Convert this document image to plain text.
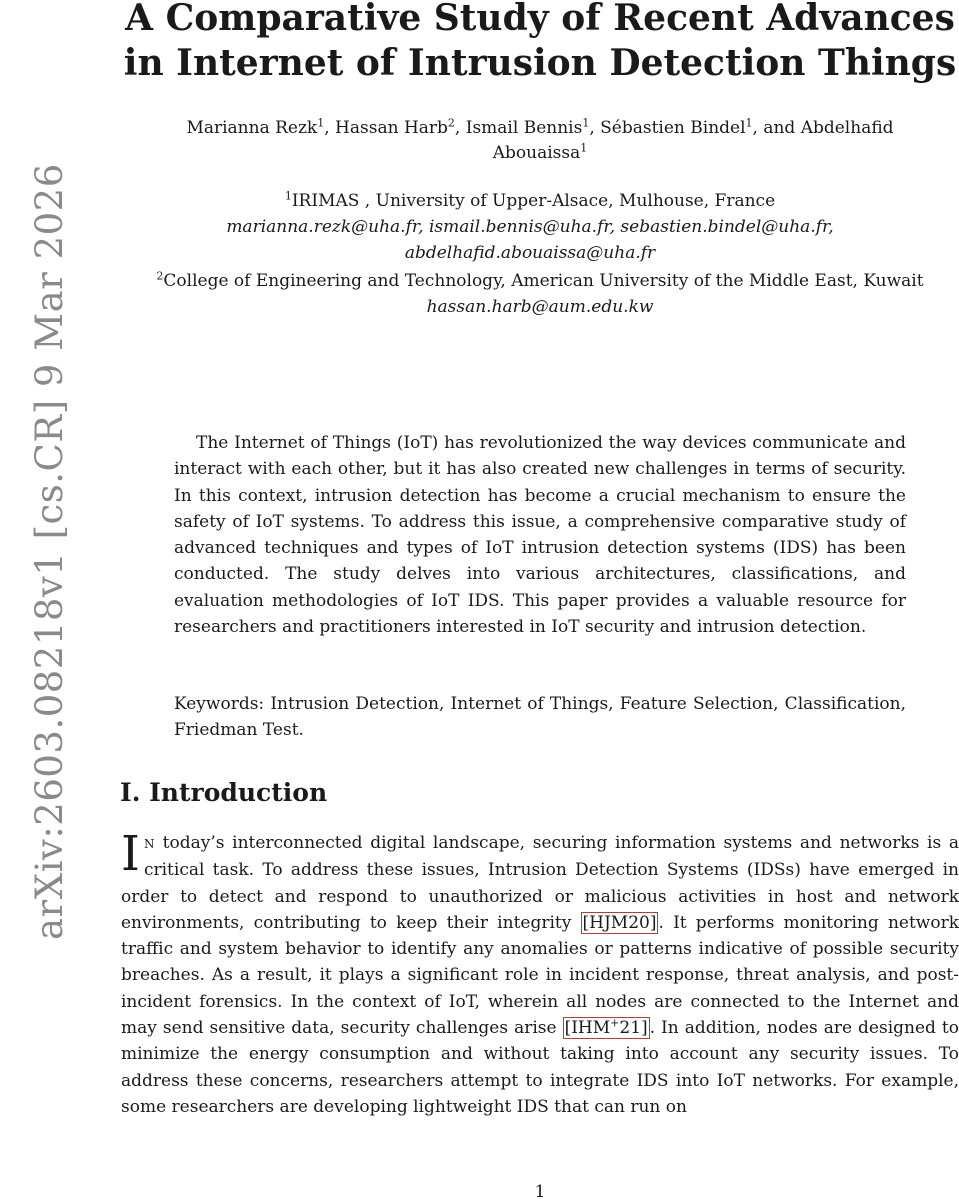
arXiv:2603.08218v1 [cs.CR] 9 Mar 2026
A Comparative Study of Recent Advances
in Internet of Intrusion Detection Things
Marianna Rezk$^1$, Hassan Harb$^2$, Ismail Bennis$^1$, Sébastien Bindel$^1$, and Abdelhafid
Abouaissa$^1$
$^1$IRIMAS , University of Upper-Alsace, Mulhouse, France
marianna.rezk@uha.fr, ismail.bennis@uha.fr, sebastien.bindel@uha.fr,
abdelhafid.abouaissa@uha.fr
$^2$College of Engineering and Technology, American University of the Middle East, Kuwait
hassan.harb@aum.edu.kw

The Internet of Things (IoT) has revolutionized the way devices communicate and interact with each other, but it has also created new challenges in terms of security. In this context, intrusion detection has become a crucial mechanism to ensure the safety of IoT systems. To address this issue, a comprehensive comparative study of advanced techniques and types of IoT intrusion detection systems (IDS) has been conducted. The study delves into various architectures, classifications, and evaluation methodologies of IoT IDS. This paper provides a valuable resource for researchers and practitioners interested in IoT security and intrusion detection.

Keywords: Intrusion Detection, Internet of Things, Feature Selection, Classification, Friedman Test.

I. Introduction

I N today’s interconnected digital landscape, securing information systems and networks is a critical task. To address these issues, Intrusion Detection Systems (IDSs) have emerged in order to detect and respond to unauthorized or malicious activities in host and network environments, contributing to keep their integrity [HJM20] . It performs monitoring network traffic and system behavior to identify any anomalies or patterns indicative of possible security breaches. As a result, it plays a significant role in incident response, threat analysis, and post-incident forensics. In the context of IoT, wherein all nodes are connected to the Internet and may send sensitive data, security challenges arise [IHM+21] . In addition, nodes are designed to minimize the energy consumption and without taking into account any security issues. To address these concerns, researchers attempt to integrate IDS into IoT networks. For example, some researchers are developing lightweight IDS that can run on

1
